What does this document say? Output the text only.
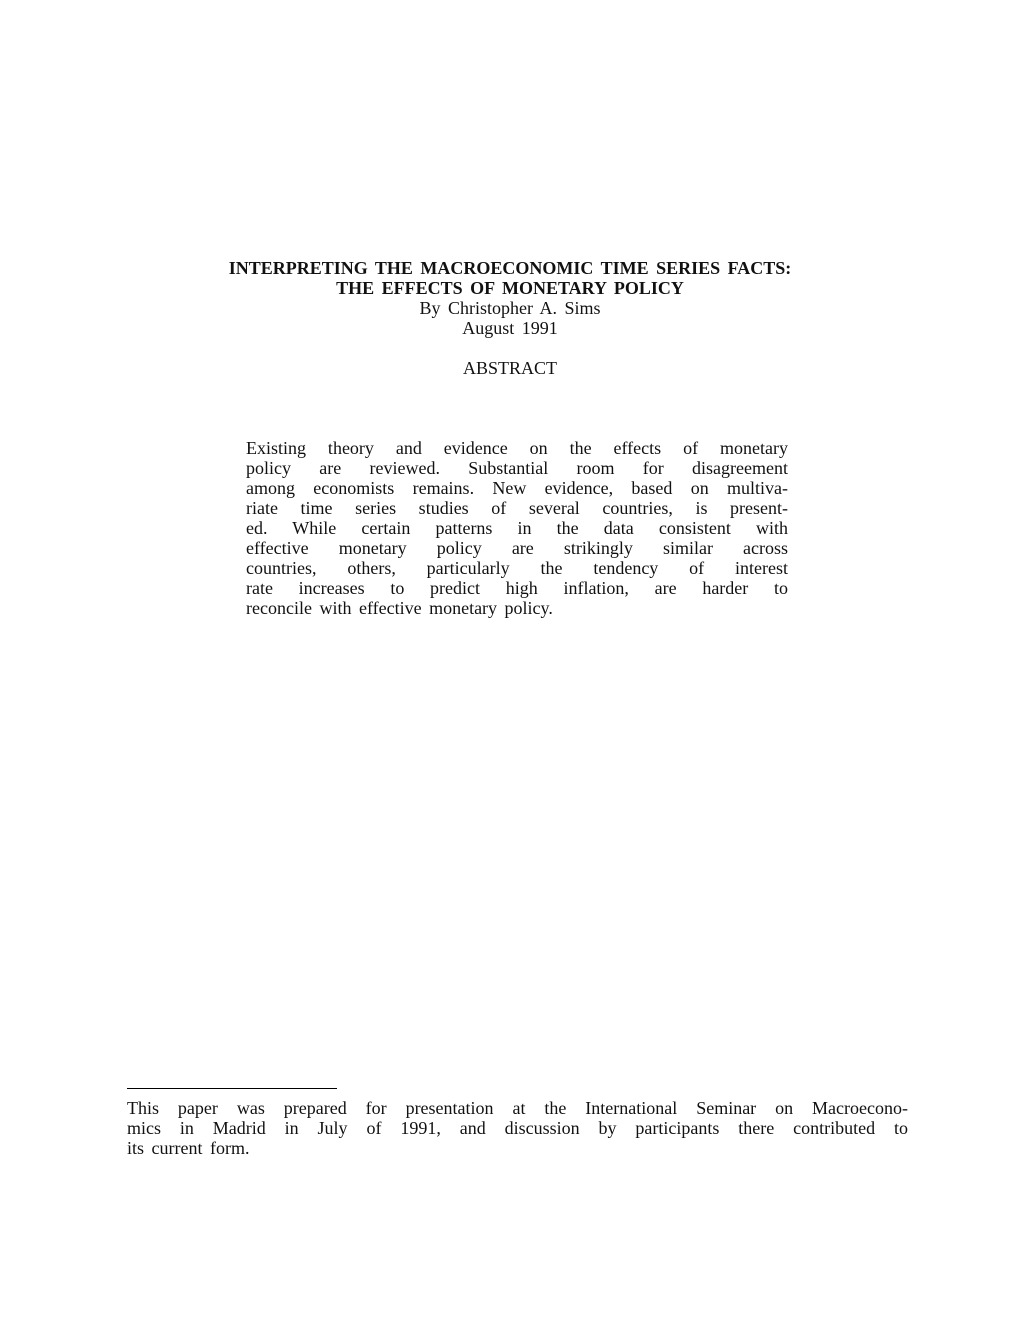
INTERPRETING THE MACROECONOMIC TIME SERIES FACTS:
THE EFFECTS OF MONETARY POLICY
By Christopher A. Sims
August 1991
ABSTRACT
Existing theory and evidence on the effects of monetary
policy are reviewed. Substantial room for disagreement
among economists remains. New evidence, based on multiva-
riate time series studies of several countries, is present-
ed. While certain patterns in the data consistent with
effective monetary policy are strikingly similar across
countries, others, particularly the tendency of interest
rate increases to predict high inflation, are harder to
reconcile with effective monetary policy.
This paper was prepared for presentation at the International Seminar on Macroecono-
mics in Madrid in July of 1991, and discussion by participants there contributed to
its current form.
